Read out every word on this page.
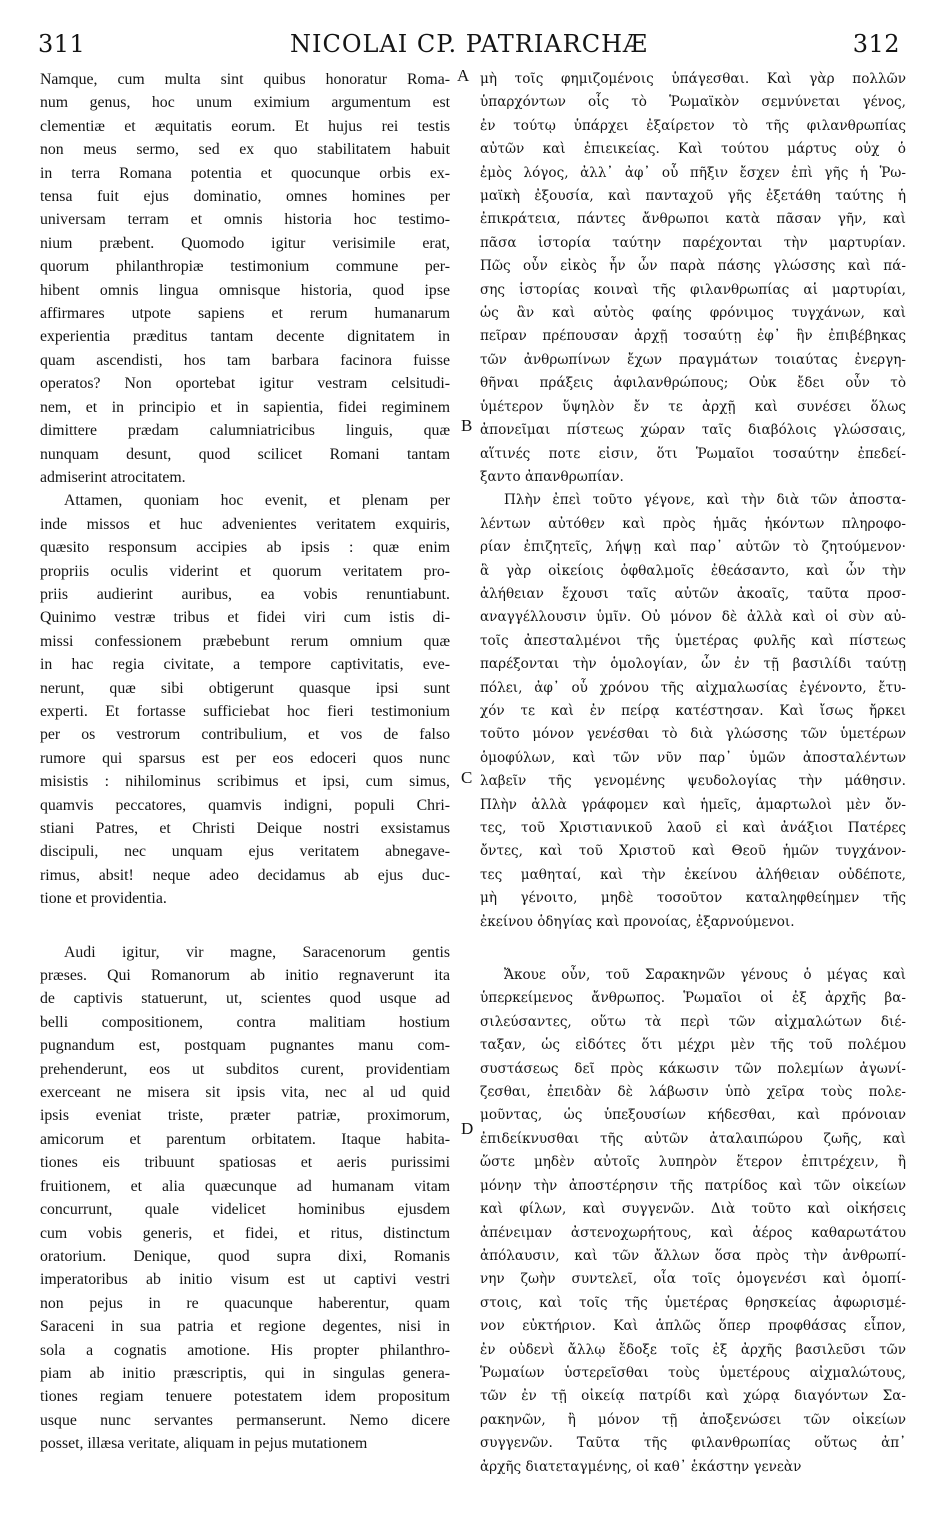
311	NICOLAI CP. PATRIARCHÆ	312
Namque, cum multa sint quibus honoratur Roma-
num genus, hoc unum eximium argumentum est
clementiæ et æquitatis eorum. Et hujus rei testis
non meus sermo, sed ex quo stabilitatem habuit
in terra Romana potentia et quocunque orbis ex-
tensa fuit ejus dominatio, omnes homines per
universam terram et omnis historia hoc testimo-
nium præbent. Quomodo igitur verisimile erat,
quorum philanthropiæ testimonium commune per-
hibent omnis lingua omnisque historia, quod ipse
affirmares utpote sapiens et rerum humanarum
experientia præditus tantam decente dignitatem in
quam ascendisti, hos tam barbara facinora fuisse
operatos? Non oportebat igitur vestram celsitudi-
nem, et in principio et in sapientia, fidei regiminem
dimittere prædam calumniatricibus linguis, quæ
nunquam desunt, quod scilicet Romani tantam
admiserint atrocitatem.
Attamen, quoniam hoc evenit, et plenam per
inde missos et huc advenientes veritatem exquiris,
quæsito responsum accipies ab ipsis : quæ enim
propriis oculis viderint et quorum veritatem pro-
priis audierint auribus, ea vobis renuntiabunt.
Quinimo vestræ tribus et fidei viri cum istis di-
missi confessionem præbebunt rerum omnium quæ
in hac regia civitate, a tempore captivitatis, eve-
nerunt, quæ sibi obtigerunt quasque ipsi sunt
experti. Et fortasse sufficiebat hoc fieri testimonium
per os vestrorum contribulium, et vos de falso
rumore qui sparsus est per eos edoceri quos nunc
misistis : nihilominus scribimus et ipsi, cum simus,
quamvis peccatores, quamvis indigni, populi Chri-
stiani Patres, et Christi Deique nostri exsistamus
discipuli, nec unquam ejus veritatem abnegave-
rimus, absit! neque adeo decidamus ab ejus duc-
tione et providentia.
Audi igitur, vir magne, Saracenorum gentis
præses. Qui Romanorum ab initio regnaverunt ita
de captivis statuerunt, ut, scientes quod usque ad
belli compositionem, contra malitiam hostium
pugnandum est, postquam pugnantes manu com-
prehenderunt, eos ut subditos curent, providentiam
exerceant ne misera sit ipsis vita, nec al ud quid
ipsis eveniat triste, præter patriæ, proximorum,
amicorum et parentum orbitatem. Itaque habita-
tiones eis tribuunt spatiosas et aeris purissimi
fruitionem, et alia quæcunque ad humanam vitam
concurrunt, quale videlicet hominibus ejusdem
cum vobis generis, et fidei, et ritus, distinctum
oratorium. Denique, quod supra dixi, Romanis
imperatoribus ab initio visum est ut captivi vestri
non pejus in re quacunque haberentur, quam
Saraceni in sua patria et regione degentes, nisi in
sola a cognatis amotione. His propter philanthro-
piam ab initio præscriptis, qui in singulas genera-
tiones regiam tenuere potestatem idem propositum
usque nunc servantes permanserunt. Nemo dicere
posset, illæsa veritate, aliquam in pejus mutationem
μὴ τοῖς φημιζομένοις ὑπάγεσθαι. Καὶ γὰρ πολλῶν
ὑπαρχόντων οἷς τὸ Ῥωμαϊκὸν σεμνύνεται γένος,
ἐν τούτῳ ὑπάρχει ἐξαίρετον τὸ τῆς φιλανθρωπίας
αὐτῶν καὶ ἐπιεικείας. Καὶ τούτου μάρτυς οὐχ ὁ
ἐμὸς λόγος, ἀλλ᾽ ἀφ᾽ οὗ πῆξιν ἔσχεν ἐπὶ γῆς ἡ Ῥω-
μαϊκὴ ἐξουσία, καὶ πανταχοῦ γῆς ἐξετάθη ταύτης ἡ
ἐπικράτεια, πάντες ἄνθρωποι κατὰ πᾶσαν γῆν, καὶ
πᾶσα ἱστορία ταύτην παρέχονται τὴν μαρτυρίαν.
Πῶς οὖν εἰκὸς ἦν ὧν παρὰ πάσης γλώσσης καὶ πά-
σης ἱστορίας κοιναὶ τῆς φιλανθρωπίας αἱ μαρτυρίαι,
ὡς ἂν καὶ αὐτὸς φαίης φρόνιμος τυγχάνων, καὶ
πεῖραν πρέπουσαν ἀρχῇ τοσαύτῃ ἐφ᾽ ἣν ἐπιβέβηκας
τῶν ἀνθρωπίνων ἔχων πραγμάτων τοιαύτας ἐνεργη-
θῆναι πράξεις ἀφιλανθρώπους; Οὐκ ἔδει οὖν τὸ
ὑμέτερον ὕψηλὸν ἔν τε ἀρχῇ καὶ συνέσει ὅλως
ἀπονεῖμαι πίστεως χώραν ταῖς διαβόλοις γλώσσαις,
αἵτινές ποτε εἰσιν, ὅτι Ῥωμαῖοι τοσαύτην ἐπεδεί-
ξαντο ἀπανθρωπίαν.
Πλὴν ἐπεὶ τοῦτο γέγονε, καὶ τὴν διὰ τῶν ἀποστα-
λέντων αὐτόθεν καὶ πρὸς ἡμᾶς ἡκόντων πληροφο-
ρίαν ἐπιζητεῖς, λήψῃ καὶ παρ᾽ αὐτῶν τὸ ζητούμενον·
ἃ γὰρ οἰκείοις ὀφθαλμοῖς ἐθεάσαντο, καὶ ὧν τὴν
ἀλήθειαν ἔχουσι ταῖς αὐτῶν ἀκοαῖς, ταῦτα προσ-
αναγγέλλουσιν ὑμῖν. Οὐ μόνον δὲ ἀλλὰ καὶ οἱ σὺν αὐ-
τοῖς ἀπεσταλμένοι τῆς ὑμετέρας φυλῆς καὶ πίστεως
παρέξονται τὴν ὁμολογίαν, ὧν ἐν τῇ βασιλίδι ταύτῃ
πόλει, ἀφ᾽ οὗ χρόνου τῆς αἰχμαλωσίας ἐγένοντο, ἔτυ-
χόν τε καὶ ἐν πείρᾳ κατέστησαν. Καὶ ἴσως ἤρκει
τοῦτο μόνον γενέσθαι τὸ διὰ γλώσσης τῶν ὑμετέρων
ὁμοφύλων, καὶ τῶν νῦν παρ᾽ ὑμῶν ἀποσταλέντων
λαβεῖν τῆς γενομένης ψευδολογίας τὴν μάθησιν.
Πλὴν ἀλλὰ γράφομεν καὶ ἡμεῖς, ἁμαρτωλοὶ μὲν ὄν-
τες, τοῦ Χριστιανικοῦ λαοῦ εἰ καὶ ἀνάξιοι Πατέρες
ὄντες, καὶ τοῦ Χριστοῦ καὶ Θεοῦ ἡμῶν τυγχάνον-
τες μαθηταί, καὶ τὴν ἐκείνου ἀλήθειαν οὐδέποτε,
μὴ γένοιτο, μηδὲ τοσοῦτον καταληφθείημεν τῆς
ἐκείνου ὁδηγίας καὶ προνοίας, ἐξαρνούμενοι.
Ἄκουε οὖν, τοῦ Σαρακηνῶν γένους ὁ μέγας καὶ
ὑπερκείμενος ἄνθρωπος. Ῥωμαῖοι οἱ ἐξ ἀρχῆς βα-
σιλεύσαντες, οὕτω τὰ περὶ τῶν αἰχμαλώτων διέ-
ταξαν, ὡς εἰδότες ὅτι μέχρι μὲν τῆς τοῦ πολέμου
συστάσεως δεῖ πρὸς κάκωσιν τῶν πολεμίων ἀγωνί-
ζεσθαι, ἐπειδὰν δὲ λάβωσιν ὑπὸ χεῖρα τοὺς πολε-
μοῦντας, ὡς ὑπεξουσίων κήδεσθαι, καὶ πρόνοιαν
ἐπιδείκνυσθαι τῆς αὐτῶν ἀταλαιπώρου ζωῆς, καὶ
ὥστε μηδὲν αὐτοῖς λυπηρὸν ἕτερον ἐπιτρέχειν, ἢ
μόνην τὴν ἀποστέρησιν τῆς πατρίδος καὶ τῶν οἰκείων
καὶ φίλων, καὶ συγγενῶν. Διὰ τοῦτο καὶ οἰκήσεις
ἀπένειμαν ἀστενοχωρήτους, καὶ ἀέρος καθαρωτάτου
ἀπόλαυσιν, καὶ τῶν ἄλλων ὅσα πρὸς τὴν ἀνθρωπί-
νην ζωὴν συντελεῖ, οἷα τοῖς ὁμογενέσι καὶ ὁμοπί-
στοις, καὶ τοῖς τῆς ὑμετέρας θρησκείας ἀφωρισμέ-
νον εὐκτήριον. Καὶ ἁπλῶς ὅπερ προφθάσας εἶπον,
ἐν οὐδενὶ ἄλλῳ ἔδοξε τοῖς ἐξ ἀρχῆς βασιλεῦσι τῶν
Ῥωμαίων ὑστερεῖσθαι τοὺς ὑμετέρους αἰχμαλώτους,
τῶν ἐν τῇ οἰκείᾳ πατρίδι καὶ χώρᾳ διαγόντων Σα-
ρακηνῶν, ἢ μόνον τῇ ἀποξενώσει τῶν οἰκείων
συγγενῶν. Ταῦτα τῆς φιλανθρωπίας οὕτως ἀπ᾽
ἀρχῆς διατεταγμένης, οἱ καθ᾽ ἑκάστην γενεὰν
A
B
C
D
